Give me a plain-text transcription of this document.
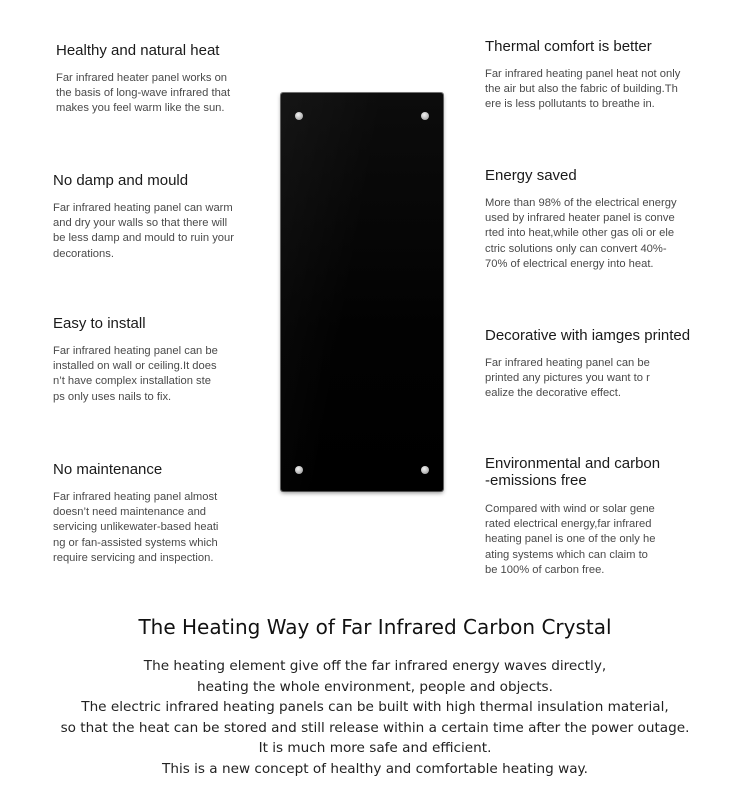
Healthy and natural heat

Far infrared heater panel works on
the basis of long-wave infrared that
makes you feel warm like the sun.

No damp and mould

Far infrared heating panel can warm
and dry your walls so that there will
be less damp and mould to ruin your
decorations.

Easy to install

Far infrared heating panel can be
installed on wall or ceiling.It does
n’t have complex installation ste
ps only uses nails to fix.

No maintenance

Far infrared heating panel almost
doesn’t need maintenance and
servicing unlikewater-based heati
ng or fan-assisted systems which
require servicing and inspection.

Thermal comfort is better

Far infrared heating panel heat not only
the air but also the fabric of building.Th
ere is less pollutants to breathe in.

Energy saved

More than 98% of the electrical energy
used by infrared heater panel is conve
rted into heat,while other gas oli or ele
ctric solutions only can convert 40%-
70% of electrical energy into heat.

Decorative with iamges printed

Far infrared heating panel can be
printed any pictures you want to r
ealize the decorative effect.

Environmental and carbon
-emissions free

Compared with wind or solar gene
rated electrical energy,far infrared
heating panel is one of the only he
ating systems which can claim to
be 100% of carbon free.

The Heating Way of Far Infrared Carbon Crystal
The heating element give off the far infrared energy waves directly,
heating the whole environment, people and objects.
The electric infrared heating panels can be built with high thermal insulation material,
so that the heat can be stored and still release within a certain time after the power outage.
It is much more safe and efficient.
This is a new concept of healthy and comfortable heating way.
